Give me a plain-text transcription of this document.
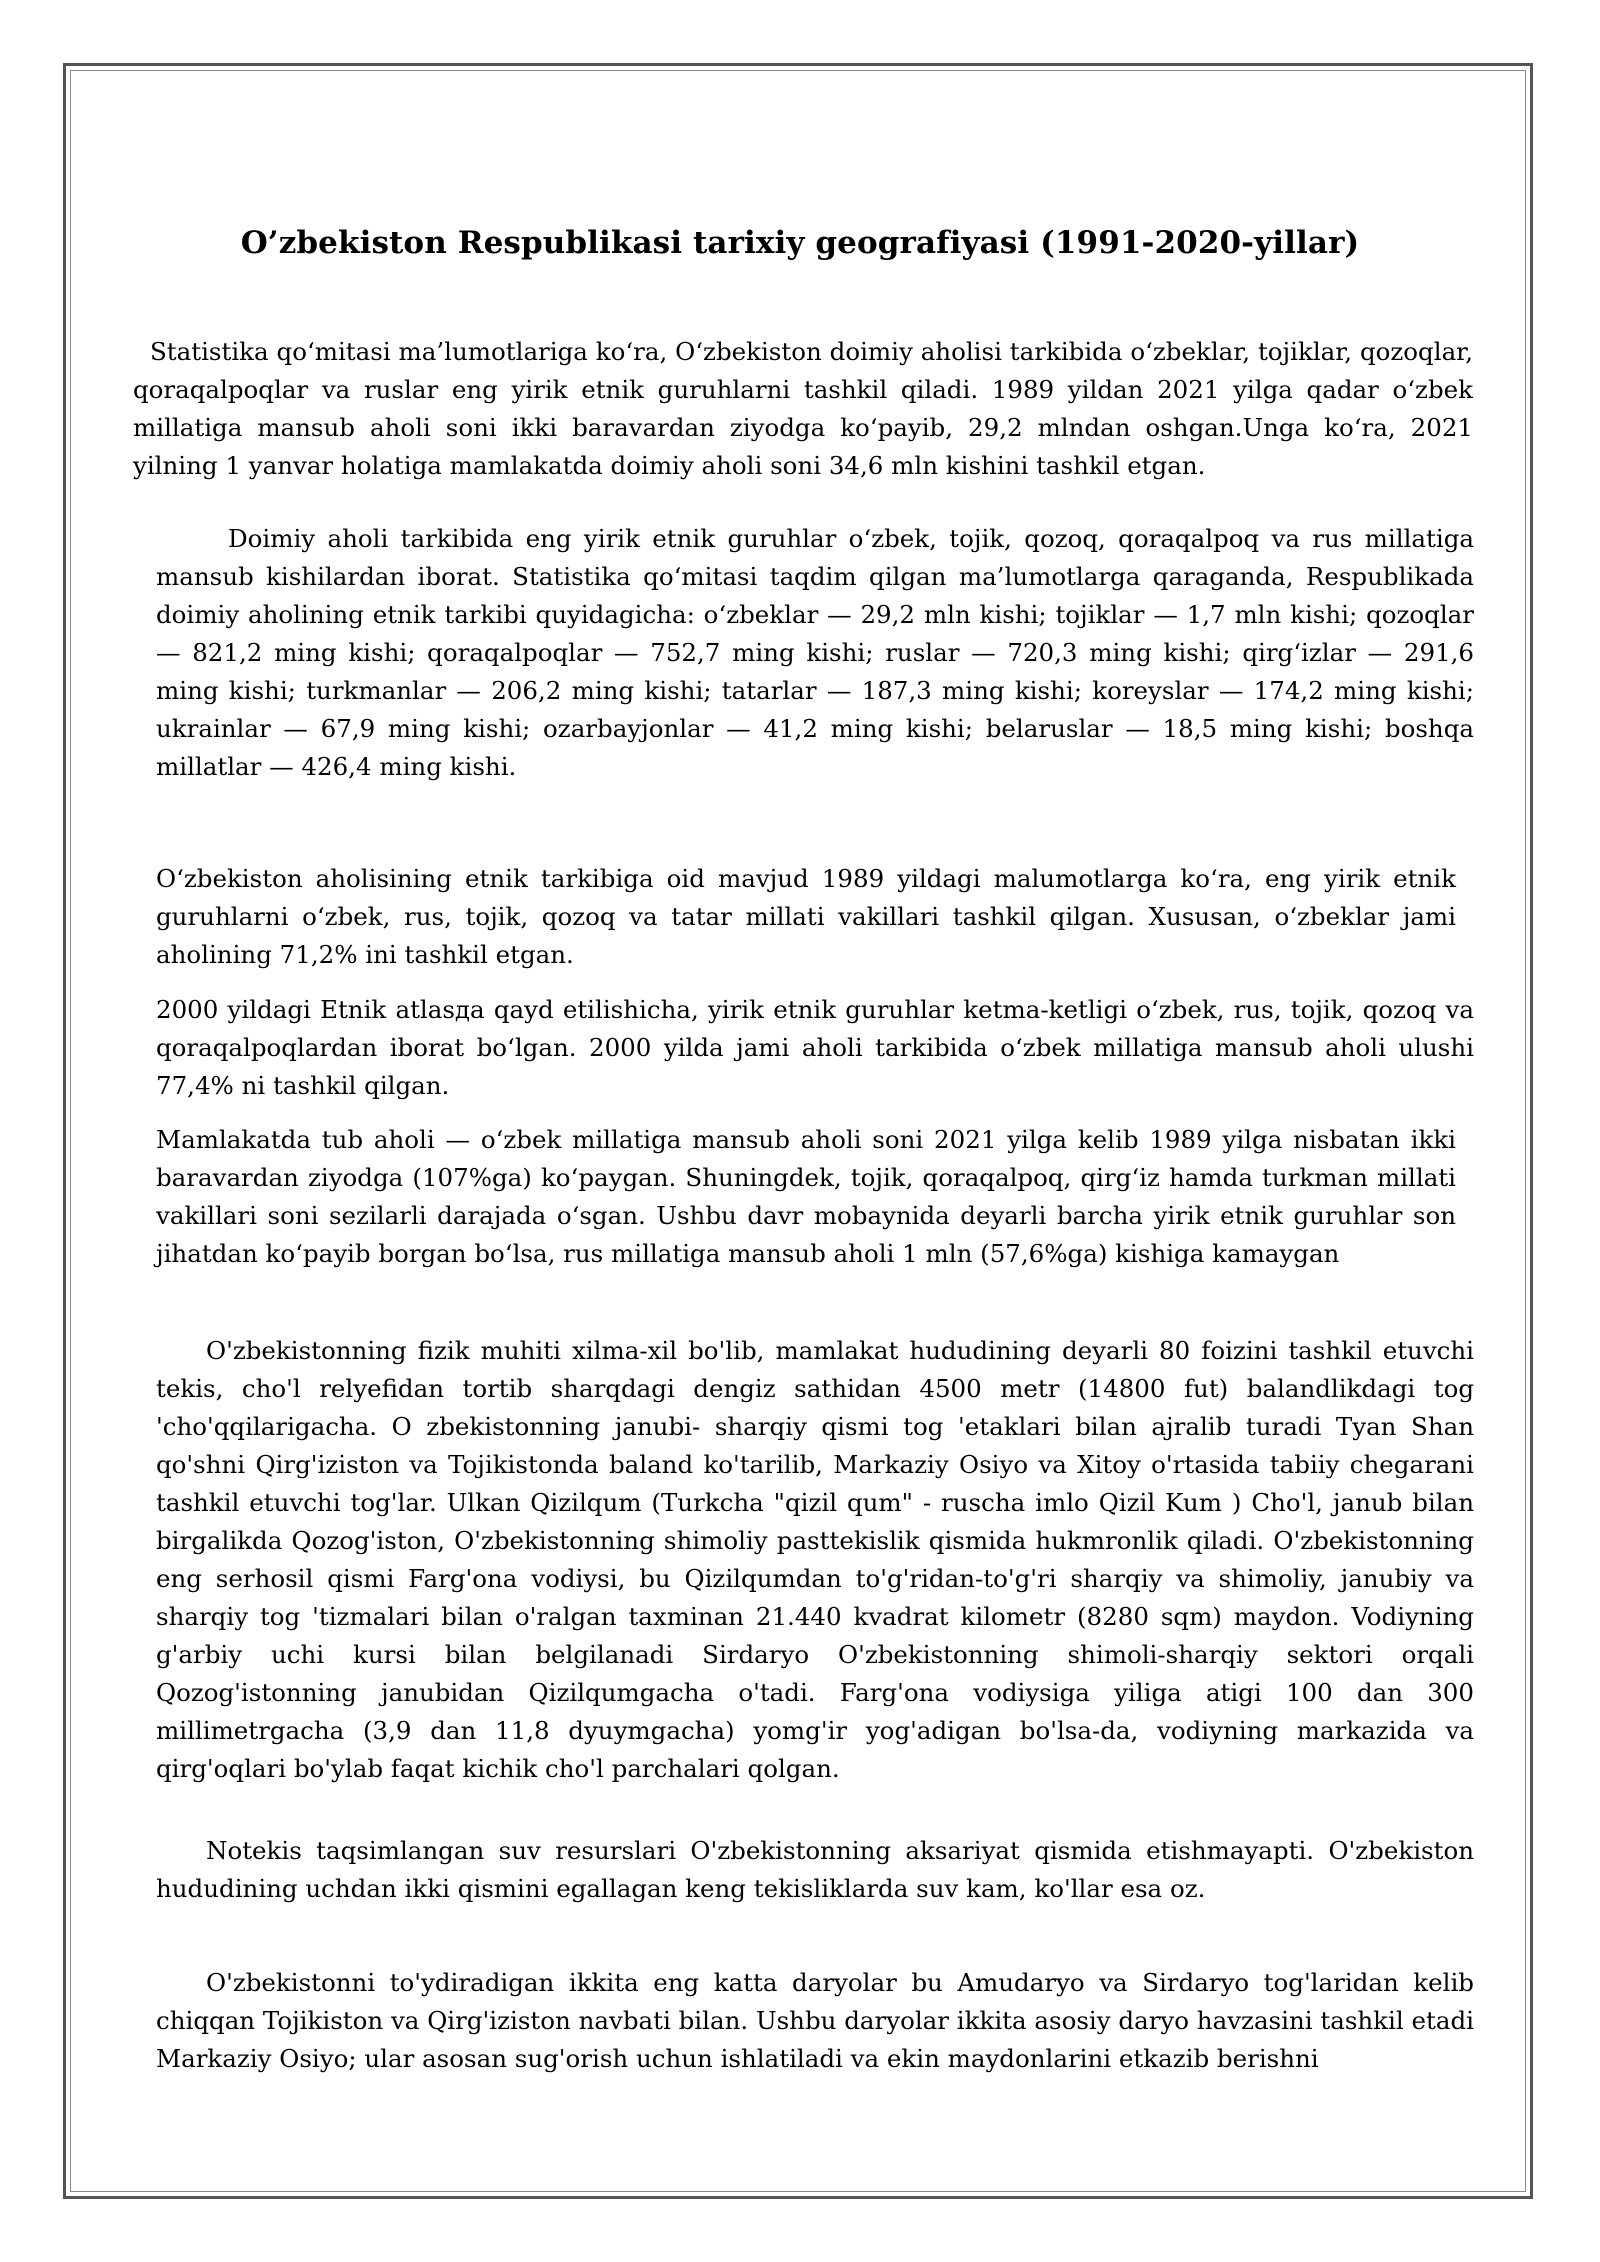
O’zbekiston Respublikasi tarixiy geografiyasi (1991-2020-yillar)

Statistika qo‘mitasi ma’lumotlariga ko‘ra, O‘zbekiston doimiy aholisi tarkibida o‘zbeklar, tojiklar, qozoqlar, qoraqalpoqlar va ruslar eng yirik etnik guruhlarni tashkil qiladi. 1989 yildan 2021 yilga qadar o‘zbek millatiga mansub aholi soni ikki baravardan ziyodga ko‘payib, 29,2 mlndan oshgan.Unga ko‘ra, 2021 yilning 1 yanvar holatiga mamlakatda doimiy aholi soni 34,6 mln kishini tashkil etgan.

Doimiy aholi tarkibida eng yirik etnik guruhlar o‘zbek, tojik, qozoq, qoraqalpoq va rus millatiga mansub kishilardan iborat. Statistika qo‘mitasi taqdim qilgan ma’lumotlarga qaraganda, Respublikada doimiy aholining etnik tarkibi quyidagicha: o‘zbeklar — 29,2 mln kishi; tojiklar — 1,7 mln kishi; qozoqlar — 821,2 ming kishi; qoraqalpoqlar — 752,7 ming kishi; ruslar — 720,3 ming kishi; qirg‘izlar — 291,6 ming kishi; turkmanlar — 206,2 ming kishi; tatarlar — 187,3 ming kishi; koreyslar — 174,2 ming kishi; ukrainlar — 67,9 ming kishi; ozarbayjonlar — 41,2 ming kishi; belaruslar — 18,5 ming kishi; boshqa millatlar — 426,4 ming kishi.

O‘zbekiston aholisining etnik tarkibiga oid mavjud 1989 yildagi malumotlarga ko‘ra, eng yirik etnik guruhlarni o‘zbek, rus, tojik, qozoq va tatar millati vakillari tashkil qilgan. Xususan, o‘zbeklar jami aholining 71,2% ini tashkil etgan.

2000 yildagi Etnik atlasда qayd etilishicha, yirik etnik guruhlar ketma-ketligi o‘zbek, rus, tojik, qozoq va qoraqalpoqlardan iborat bo‘lgan. 2000 yilda jami aholi tarkibida o‘zbek millatiga mansub aholi ulushi 77,4% ni tashkil qilgan.

Mamlakatda tub aholi — o‘zbek millatiga mansub aholi soni 2021 yilga kelib 1989 yilga nisbatan ikki baravardan ziyodga (107%ga) ko‘paygan. Shuningdek, tojik, qoraqalpoq, qirg‘iz hamda turkman millati vakillari soni sezilarli darajada o‘sgan. Ushbu davr mobaynida deyarli barcha yirik etnik guruhlar son jihatdan ko‘payib borgan bo‘lsa, rus millatiga mansub aholi 1 mln (57,6%ga) kishiga kamaygan

O'zbekistonning fizik muhiti xilma-xil bo'lib, mamlakat hududining deyarli 80 foizini tashkil etuvchi tekis, cho'l relyefidan tortib sharqdagi dengiz sathidan 4500 metr (14800 fut) balandlikdagi tog 'cho'qqilarigacha. O zbekistonning janubi- sharqiy qismi tog 'etaklari bilan ajralib turadi Tyan Shan qo'shni Qirg'iziston va Tojikistonda baland ko'tarilib, Markaziy Osiyo va Xitoy o'rtasida tabiiy chegarani tashkil etuvchi tog'lar. Ulkan Qizilqum (Turkcha "qizil qum" - ruscha imlo Qizil Kum ) Cho'l, janub bilan birgalikda Qozog'iston, O'zbekistonning shimoliy pasttekislik qismida hukmronlik qiladi. O'zbekistonning eng serhosil qismi Farg'ona vodiysi, bu Qizilqumdan to'g'ridan-to'g'ri sharqiy va shimoliy, janubiy va sharqiy tog 'tizmalari bilan o'ralgan taxminan 21.440 kvadrat kilometr (8280 sqm) maydon. Vodiyning g'arbiy uchi kursi bilan belgilanadi Sirdaryo O'zbekistonning shimoli-sharqiy sektori orqali Qozog'istonning janubidan Qizilqumgacha o'tadi. Farg'ona vodiysiga yiliga atigi 100 dan 300 millimetrgacha (3,9 dan 11,8 dyuymgacha) yomg'ir yog'adigan bo'lsa-da, vodiyning markazida va qirg'oqlari bo'ylab faqat kichik cho'l parchalari qolgan.

Notekis taqsimlangan suv resurslari O'zbekistonning aksariyat qismida etishmayapti. O'zbekiston hududining uchdan ikki qismini egallagan keng tekisliklarda suv kam, ko'llar esa oz.

O'zbekistonni to'ydiradigan ikkita eng katta daryolar bu Amudaryo va Sirdaryo tog'laridan kelib chiqqan Tojikiston va Qirg'iziston navbati bilan. Ushbu daryolar ikkita asosiy daryo havzasini tashkil etadi Markaziy Osiyo; ular asosan sug'orish uchun ishlatiladi va ekin maydonlarini etkazib berishni
